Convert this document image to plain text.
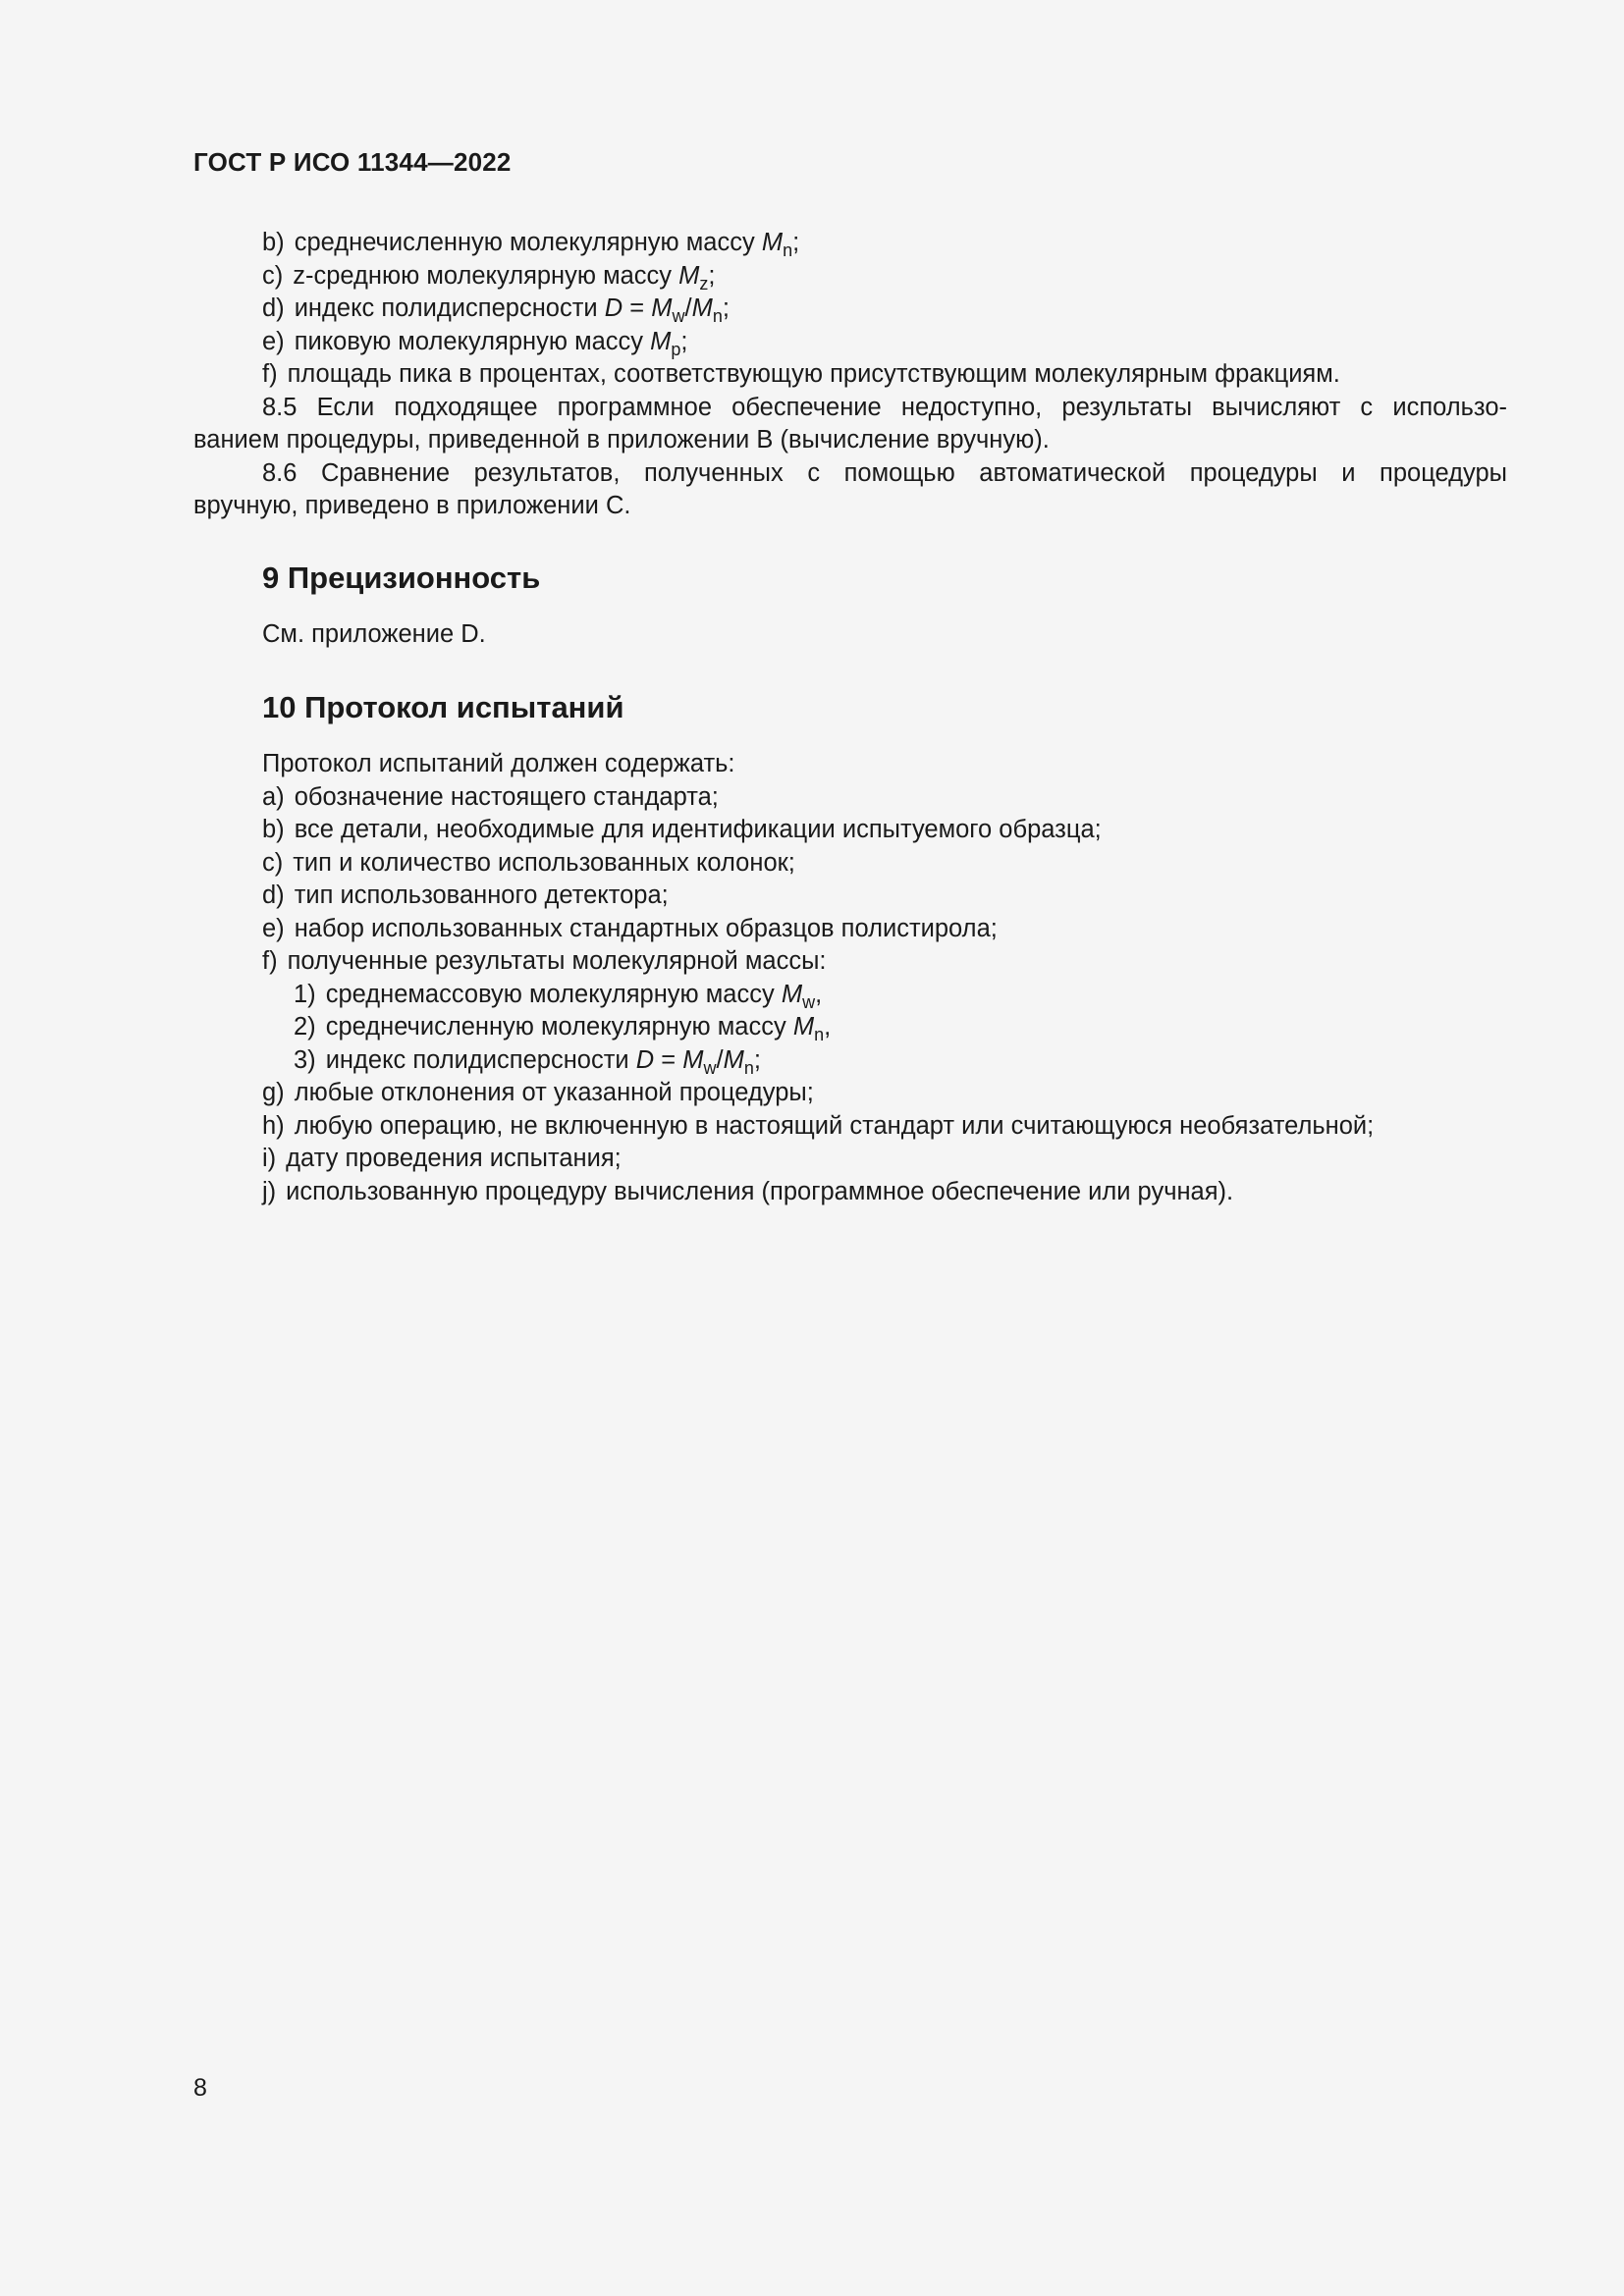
ГОСТ Р ИСО 11344—2022
b) среднечисленную молекулярную массу $M_n$;
c) z-среднюю молекулярную массу $M_z$;
d) индекс полидисперсности $D = M_w/M_n$;
e) пиковую молекулярную массу $M_p$;
f) площадь пика в процентах, соответствующую присутствующим молекулярным фракциям.
8.5 Если подходящее программное обеспечение недоступно, результаты вычисляют с использо-
ванием процедуры, приведенной в приложении B (вычисление вручную).
8.6 Сравнение результатов, полученных с помощью автоматической процедуры и процедуры
вручную, приведено в приложении C.
9 Прецизионность
См. приложение D.
10 Протокол испытаний
Протокол испытаний должен содержать:
a) обозначение настоящего стандарта;
b) все детали, необходимые для идентификации испытуемого образца;
c) тип и количество использованных колонок;
d) тип использованного детектора;
e) набор использованных стандартных образцов полистирола;
f) полученные результаты молекулярной массы:
1) среднемассовую молекулярную массу $M_w$,
2) среднечисленную молекулярную массу $M_n$,
3) индекс полидисперсности $D = M_w/M_n$;
g) любые отклонения от указанной процедуры;
h) любую операцию, не включенную в настоящий стандарт или считающуюся необязательной;
i) дату проведения испытания;
j) использованную процедуру вычисления (программное обеспечение или ручная).
8
